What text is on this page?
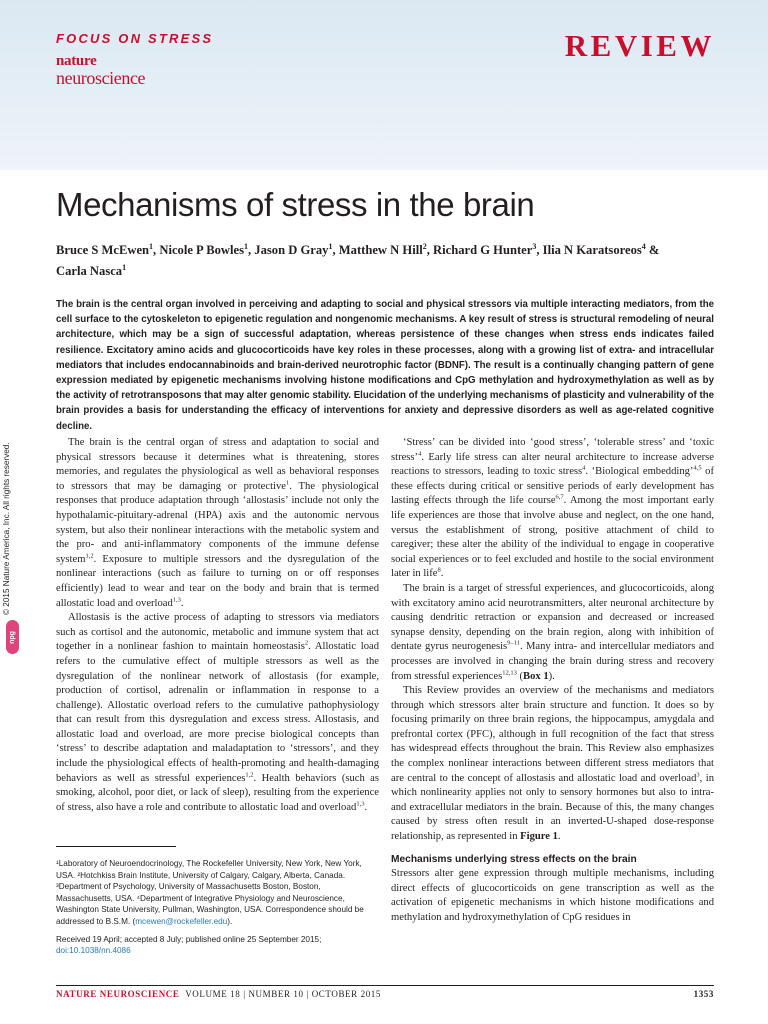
FOCUS ON STRESS	REVIEW
nature
neuroscience
Mechanisms of stress in the brain

Bruce S McEwen$^1$, Nicole P Bowles$^1$, Jason D Gray$^1$, Matthew N Hill$^2$, Richard G Hunter$^3$, Ilia N Karatsoreos$^4$ &
Carla Nasca$^1$

The brain is the central organ involved in perceiving and adapting to social and physical stressors via multiple interacting mediators, from the cell surface to the cytoskeleton to epigenetic regulation and nongenomic mechanisms. A key result of stress is structural remodeling of neural architecture, which may be a sign of successful adaptation, whereas persistence of these changes when stress ends indicates failed resilience. Excitatory amino acids and glucocorticoids have key roles in these processes, along with a growing list of extra- and intracellular mediators that includes endocannabinoids and brain-derived neurotrophic factor (BDNF). The result is a continually changing pattern of gene expression mediated by epigenetic mechanisms involving histone modifications and CpG methylation and hydroxymethylation as well as by the activity of retrotransposons that may alter genomic stability. Elucidation of the underlying mechanisms of plasticity and vulnerability of the brain provides a basis for understanding the efficacy of interventions for anxiety and depressive disorders as well as age-related cognitive decline.

© 2015 Nature America, Inc. All rights reserved.
npg

The brain is the central organ of stress and adaptation to social and physical stressors because it determines what is threatening, stores memories, and regulates the physiological as well as behavioral responses to stressors that may be damaging or protective$^1$. The physiological responses that produce adaptation through ‘allostasis’ include not only the hypothalamic-pituitary-adrenal (HPA) axis and the autonomic nervous system, but also their nonlinear interactions with the metabolic system and the pro- and anti-inflammatory components of the immune defense system$^{1,2}$. Exposure to multiple stressors and the dysregulation of the nonlinear interactions (such as failure to turning on or off responses efficiently) lead to wear and tear on the body and brain that is termed allostatic load and overload$^{1,3}$.

Allostasis is the active process of adapting to stressors via mediators such as cortisol and the autonomic, metabolic and immune system that act together in a nonlinear fashion to maintain homeostasis$^2$. Allostatic load refers to the cumulative effect of multiple stressors as well as the dysregulation of the nonlinear network of allostasis (for example, production of cortisol, adrenalin or inflammation in response to a challenge). Allostatic overload refers to the cumulative pathophysiology that can result from this dysregulation and excess stress. Allostasis, and allostatic load and overload, are more precise biological concepts than ‘stress’ to describe adaptation and maladaptation to ‘stressors’, and they include the physiological effects of health-promoting and health-damaging behaviors as well as stressful experiences$^{1,2}$. Health behaviors (such as smoking, alcohol, poor diet, or lack of sleep), resulting from the experience of stress, also have a role and contribute to allostatic load and overload$^{1,3}$.

‘Stress’ can be divided into ‘good stress’, ‘tolerable stress’ and ‘toxic stress’$^4$. Early life stress can alter neural architecture to increase adverse reactions to stressors, leading to toxic stress$^4$. ‘Biological embedding’$^{4,5}$ of these effects during critical or sensitive periods of early development has lasting effects through the life course$^{6,7}$. Among the most important early life experiences are those that involve abuse and neglect, on the one hand, versus the establishment of strong, positive attachment of child to caregiver; these alter the ability of the individual to engage in cooperative social experiences or to feel excluded and hostile to the social environment later in life$^8$.

The brain is a target of stressful experiences, and glucocorticoids, along with excitatory amino acid neurotransmitters, alter neuronal architecture by causing dendritic retraction or expansion and decreased or increased synapse density, depending on the brain region, along with inhibition of dentate gyrus neurogenesis$^{9-11}$. Many intra- and intercellular mediators and processes are involved in changing the brain during stress and recovery from stressful experiences$^{12,13}$ (Box 1).

This Review provides an overview of the mechanisms and mediators through which stressors alter brain structure and function. It does so by focusing primarily on three brain regions, the hippocampus, amygdala and prefrontal cortex (PFC), although in full recognition of the fact that stress has widespread effects throughout the brain. This Review also emphasizes the complex nonlinear interactions between different stress mediators that are central to the concept of allostasis and allostatic load and overload$^3$, in which nonlinearity applies not only to sensory hormones but also to intra- and extracellular mediators in the brain. Because of this, the many changes caused by stress often result in an inverted-U-shaped dose-response relationship, as represented in Figure 1.

Mechanisms underlying stress effects on the brain

Stressors alter gene expression through multiple mechanisms, including direct effects of glucocorticoids on gene transcription as well as the activation of epigenetic mechanisms in which histone modifications and methylation and hydroxymethylation of CpG residues in

¹Laboratory of Neuroendocrinology, The Rockefeller University, New York, New York, USA. ²Hotchkiss Brain Institute, University of Calgary, Calgary, Alberta, Canada. ³Department of Psychology, University of Massachusetts Boston, Boston, Massachusetts, USA. ⁴Department of Integrative Physiology and Neuroscience, Washington State University, Pullman, Washington, USA. Correspondence should be addressed to B.S.M. (mcewen@rockefeller.edu).

Received 19 April; accepted 8 July; published online 25 September 2015;
doi:10.1038/nn.4086

NATURE NEUROSCIENCE VOLUME 18 | NUMBER 10 | OCTOBER 2015	1353
